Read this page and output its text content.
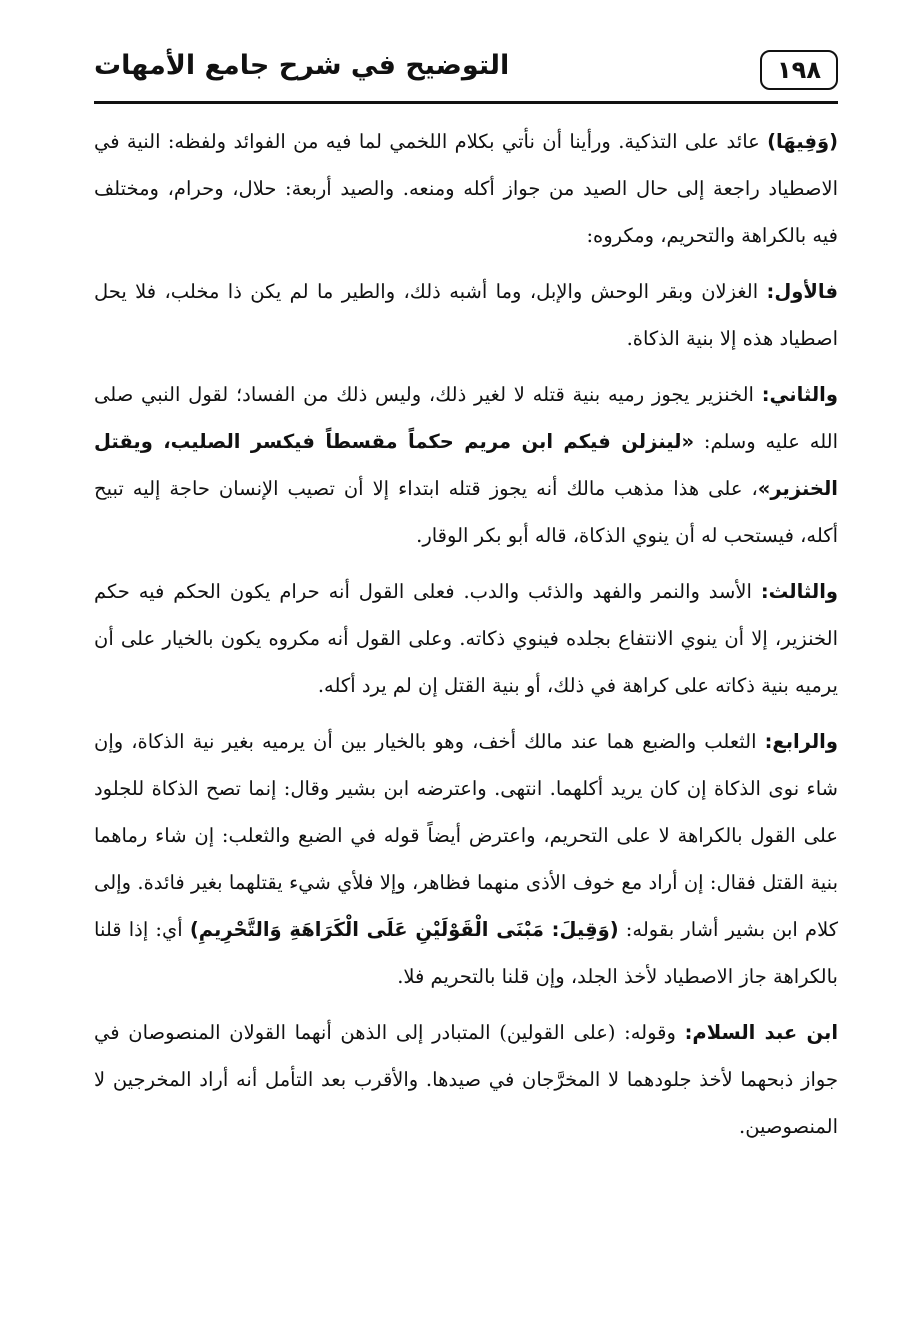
١٩٨
التوضيح في شرح جامع الأمهات

(وَفِيهَا) عائد على التذكية. ورأينا أن نأتي بكلام اللخمي لما فيه من الفوائد ولفظه: النية في الاصطياد راجعة إلى حال الصيد من جواز أكله ومنعه. والصيد أربعة: حلال، وحرام، ومختلف فيه بالكراهة والتحريم، ومكروه:

فالأول: الغزلان وبقر الوحش والإبل، وما أشبه ذلك، والطير ما لم يكن ذا مخلب، فلا يحل اصطياد هذه إلا بنية الذكاة.

والثاني: الخنزير يجوز رميه بنية قتله لا لغير ذلك، وليس ذلك من الفساد؛ لقول النبي صلى الله عليه وسلم: «لينزلن فيكم ابن مريم حكماً مقسطاً فيكسر الصليب، ويقتل الخنزير»، على هذا مذهب مالك أنه يجوز قتله ابتداء إلا أن تصيب الإنسان حاجة إليه تبيح أكله، فيستحب له أن ينوي الذكاة، قاله أبو بكر الوقار.

والثالث: الأسد والنمر والفهد والذئب والدب. فعلى القول أنه حرام يكون الحكم فيه حكم الخنزير، إلا أن ينوي الانتفاع بجلده فينوي ذكاته. وعلى القول أنه مكروه يكون بالخيار على أن يرميه بنية ذكاته على كراهة في ذلك، أو بنية القتل إن لم يرد أكله.

والرابع: الثعلب والضبع هما عند مالك أخف، وهو بالخيار بين أن يرميه بغير نية الذكاة، وإن شاء نوى الذكاة إن كان يريد أكلهما. انتهى. واعترضه ابن بشير وقال: إنما تصح الذكاة للجلود على القول بالكراهة لا على التحريم، واعترض أيضاً قوله في الضبع والثعلب: إن شاء رماهما بنية القتل فقال: إن أراد مع خوف الأذى منهما فظاهر، وإلا فلأي شيء يقتلهما بغير فائدة. وإلى كلام ابن بشير أشار بقوله: (وَقِيلَ: مَبْنَى الْقَوْلَيْنِ عَلَى الْكَرَاهَةِ وَالتَّحْرِيمِ) أي: إذا قلنا بالكراهة جاز الاصطياد لأخذ الجلد، وإن قلنا بالتحريم فلا.

ابن عبد السلام: وقوله: (على القولين) المتبادر إلى الذهن أنهما القولان المنصوصان في جواز ذبحهما لأخذ جلودهما لا المخرَّجان في صيدها. والأقرب بعد التأمل أنه أراد المخرجين لا المنصوصين.
